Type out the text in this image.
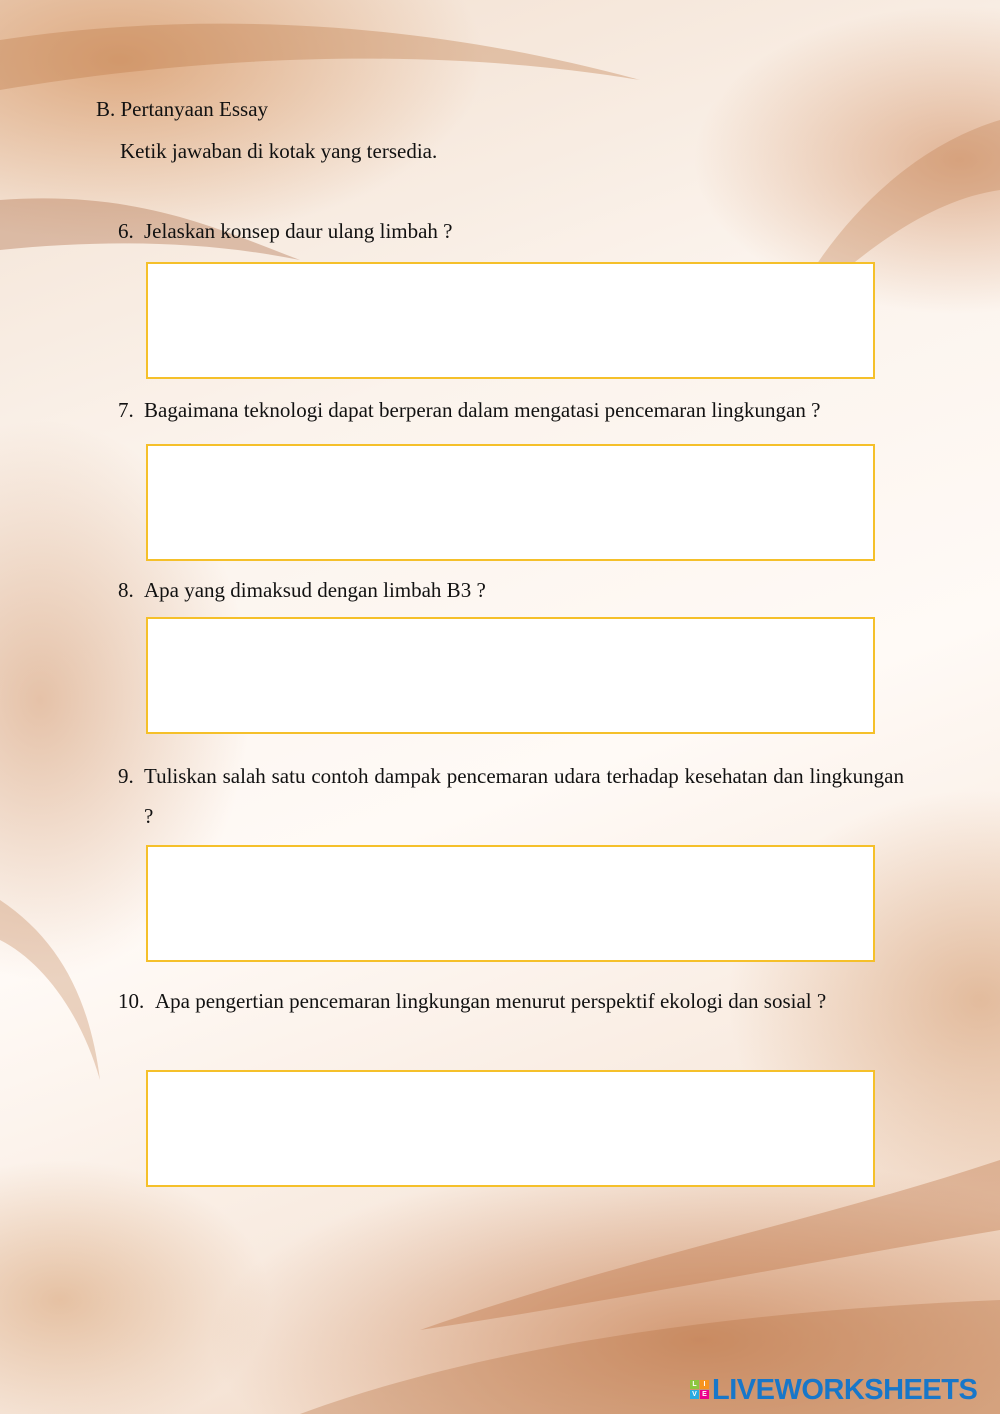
B. Pertanyaan Essay
Ketik jawaban di kotak yang tersedia.
6. Jelaskan konsep daur ulang limbah ?
7. Bagaimana teknologi dapat berperan dalam mengatasi pencemaran lingkungan ?
8. Apa yang dimaksud dengan limbah B3 ?
9. Tuliskan salah satu contoh dampak pencemaran udara terhadap kesehatan dan lingkungan ?
10. Apa pengertian pencemaran lingkungan menurut perspektif ekologi dan sosial ?
L I
V E LIVEWORKSHEETS
